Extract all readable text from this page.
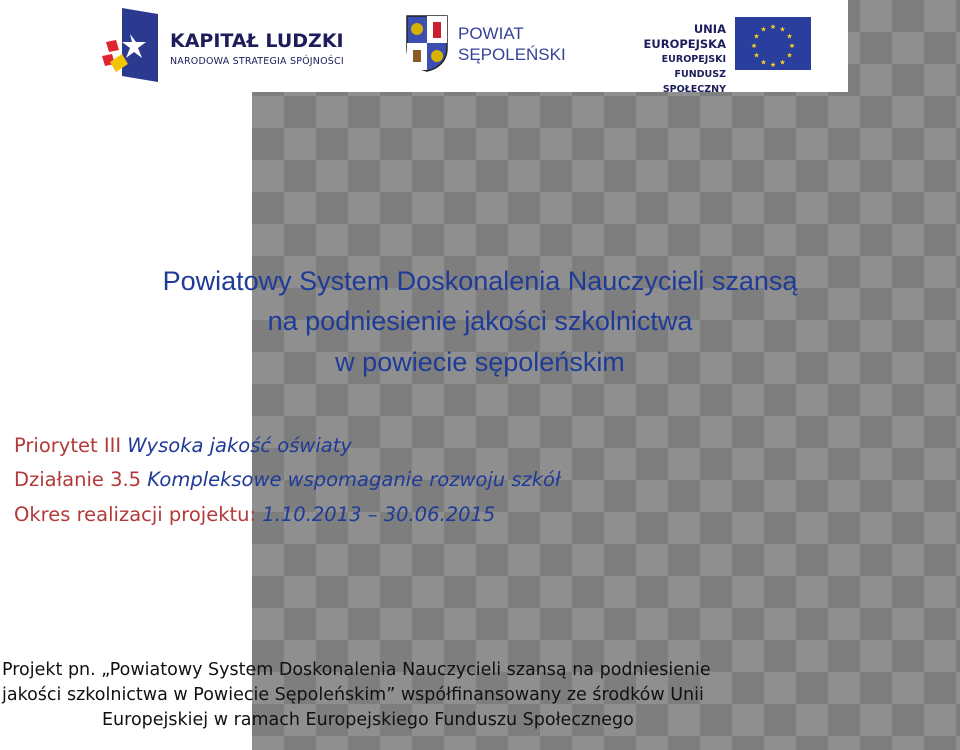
KAPITAŁ LUDZKI
NARODOWA STRATEGIA SPÓJNOŚCI
POWIAT
SĘPOLEŃSKI
UNIA EUROPEJSKA
EUROPEJSKI
FUNDUSZ SPOŁECZNY
★ ★
★
★
★
★
★
★
★
★
★
★
Powiatowy System Doskonalenia Nauczycieli szansą
na podniesienie jakości szkolnictwa
w powiecie sępoleńskim
Priorytet III Wysoka jakość oświaty
Działanie 3.5 Kompleksowe wspomaganie rozwoju szkół
Okres realizacji projektu: 1.10.2013 – 30.06.2015
Projekt pn. „Powiatowy System Doskonalenia Nauczycieli szansą na podniesienie
jakości szkolnictwa w Powiecie Sępoleńskim” współfinansowany ze środków Unii
Europejskiej w ramach Europejskiego Funduszu Społecznego
